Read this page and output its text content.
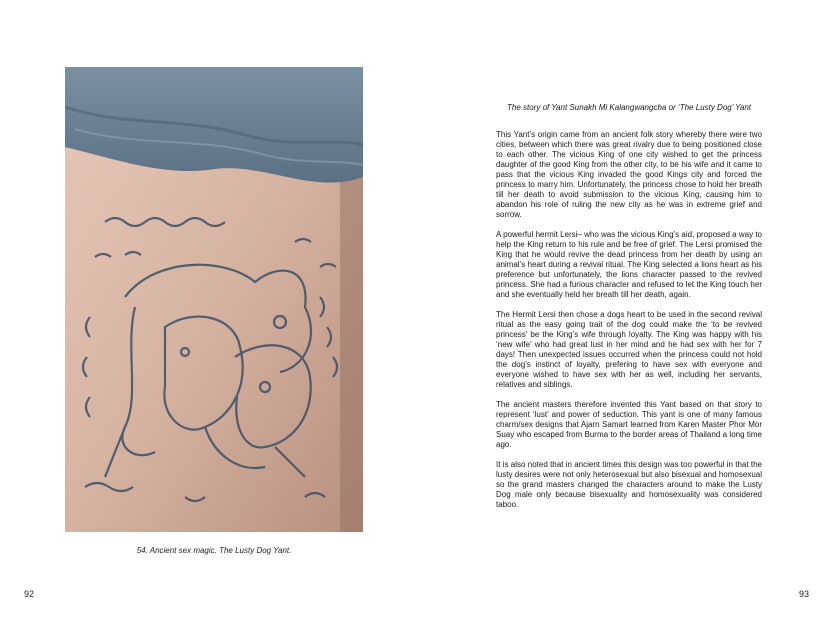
54. Ancient sex magic. The Lusty Dog Yant.
92	93
The story of Yant Sunakh Mi Kalangwangcha or ‘The Lusty Dog’ Yant

This Yant’s origin came from an ancient folk story whereby there were two cities, between which there was great rivalry due to being positioned close to each other. The vicious King of one city wished to get the princess daughter of the good King from the other city, to be his wife and it came to pass that the vicious King invaded the good Kings city and forced the princess to marry him. Unfortunately, the princess chose to hold her breath till her death to avoid submission to the vicious King, causing him to abandon his role of ruling the new city as he was in extreme grief and sorrow.

A powerful hermit Lersi– who was the vicious King’s aid, proposed a way to help the King return to his rule and be free of grief. The Lersi promised the King that he would revive the dead princess from her death by using an animal’s heart during a revival ritual. The King selected a lions heart as his preference but unfortunately, the lions character passed to the revived princess. She had a furious character and refused to let the King touch her and she eventually held her breath till her death, again.

The Hermit Lersi then chose a dogs heart to be used in the second revival ritual as the easy going trait of the dog could make the ‘to be revived princess’ be the King’s wife through loyalty. The King was happy with his ‘new wife’ who had great lust in her mind and he had sex with her for 7 days! Then unexpected issues occurred when the princess could not hold the dog’s instinct of loyalty, prefering to have sex with everyone and everyone wished to have sex with her as well, including her servants, relatives and siblings.

The ancient masters therefore invented this Yant based on that story to represent ‘lust’ and power of seduction. This yant is one of many famous charm/sex designs that Ajarn Samart learned from Karen Master Phor Mor Suay who escaped from Burma to the border areas of Thailand a long time ago.

It is also noted that in ancient times this design was too powerful in that the lusty desires were not only heterosexual but also bisexual and homosexual so the grand masters changed the characters around to make the Lusty Dog male only because bisexuality and homosexuality was considered taboo.
